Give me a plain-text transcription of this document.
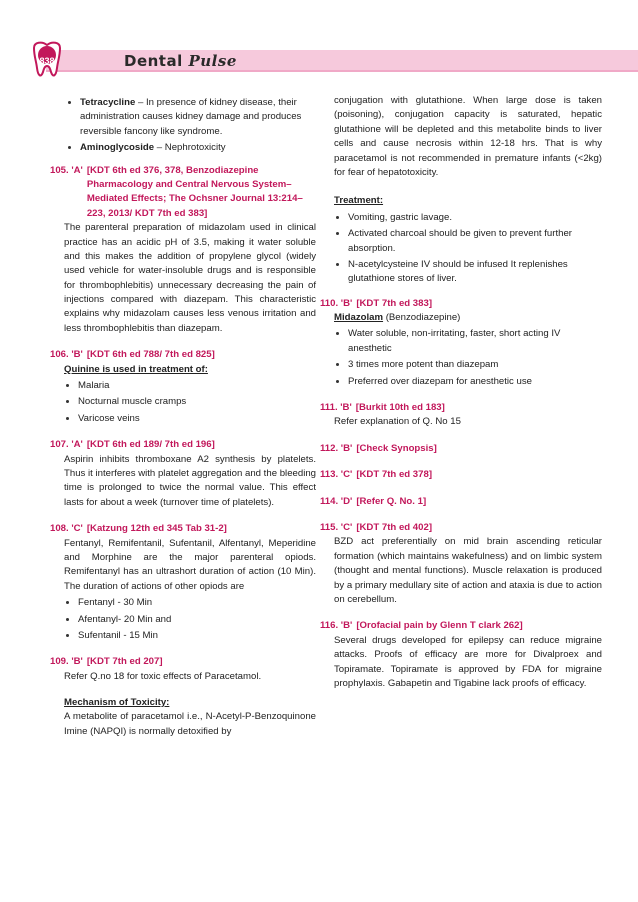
838	Dental Pulse
• Tetracycline – In presence of kidney disease, their administration causes kidney damage and produces reversible fancony like syndrome.
• Aminoglycoside – Nephrotoxicity
105. 'A' [KDT 6th ed 376, 378, Benzodiazepine Pharmacology and Central Nervous System–Mediated Effects; The Ochsner Journal 13:214–223, 2013/ KDT 7th ed 383]

The parenteral preparation of midazolam used in clinical practice has an acidic pH of 3.5, making it water soluble and this makes the addition of propylene glycol (widely used vehicle for water-insoluble drugs and is responsible for thrombophlebitis) unnecessary decreasing the pain of injections compared with diazepam. This characteristic explains why midazolam causes less venous irritation and less thrombophlebitis than diazepam.

106. 'B' [KDT 6th ed 788/ 7th ed 825]

Quinine is used in treatment of:

• Malaria
• Nocturnal muscle cramps
• Varicose veins
107. 'A' [KDT 6th ed 189/ 7th ed 196]

Aspirin inhibits thromboxane A2 synthesis by platelets. Thus it interferes with platelet aggregation and the bleeding time is prolonged to twice the normal value. This effect lasts for about a week (turnover time of platelets).

108. 'C' [Katzung 12th ed 345 Tab 31-2]

Fentanyl, Remifentanil, Sufentanil, Alfentanyl, Meperidine and Morphine are the major parenteral opiods. Remifentanyl has an ultrashort duration of action (10 Min). The duration of actions of other opiods are

• Fentanyl - 30 Min
• Afentanyl- 20 Min and
• Sufentanil - 15 Min
109. 'B' [KDT 7th ed 207]

Refer Q.no 18 for toxic effects of Paracetamol.

Mechanism of Toxicity:

A metabolite of paracetamol i.e., N-Acetyl-P-Benzoquinone Imine (NAPQI) is normally detoxified by

conjugation with glutathione. When large dose is taken (poisoning), conjugation capacity is saturated, hepatic glutathione will be depleted and this metabolite binds to liver cells and cause necrosis within 12-18 hrs. That is why paracetamol is not recommended in premature infants (<2kg) for fear of hepatotoxicity.

Treatment:

• Vomiting, gastric lavage.
• Activated charcoal should be given to prevent further absorption.
• N-acetylcysteine IV should be infused It replenishes glutathione stores of liver.
110. 'B' [KDT 7th ed 383]

Midazolam (Benzodiazepine)

• Water soluble, non-irritating, faster, short acting IV anesthetic
• 3 times more potent than diazepam
• Preferred over diazepam for anesthetic use
111. 'B' [Burkit 10th ed 183]

Refer explanation of Q. No 15

112. 'B' [Check Synopsis]
113. 'C' [KDT 7th ed 378]
114. 'D' [Refer Q. No. 1]
115. 'C' [KDT 7th ed 402]

BZD act preferentially on mid brain ascending reticular formation (which maintains wakefulness) and on limbic system (thought and mental functions). Muscle relaxation is produced by a primary medullary site of action and ataxia is due to action on cerebellum.

116. 'B' [Orofacial pain by Glenn T clark 262]

Several drugs developed for epilepsy can reduce migraine attacks. Proofs of efficacy are more for Divalproex and Topiramate. Topiramate is approved by FDA for migraine prophylaxis. Gabapetin and Tigabine lack proofs of efficacy.
